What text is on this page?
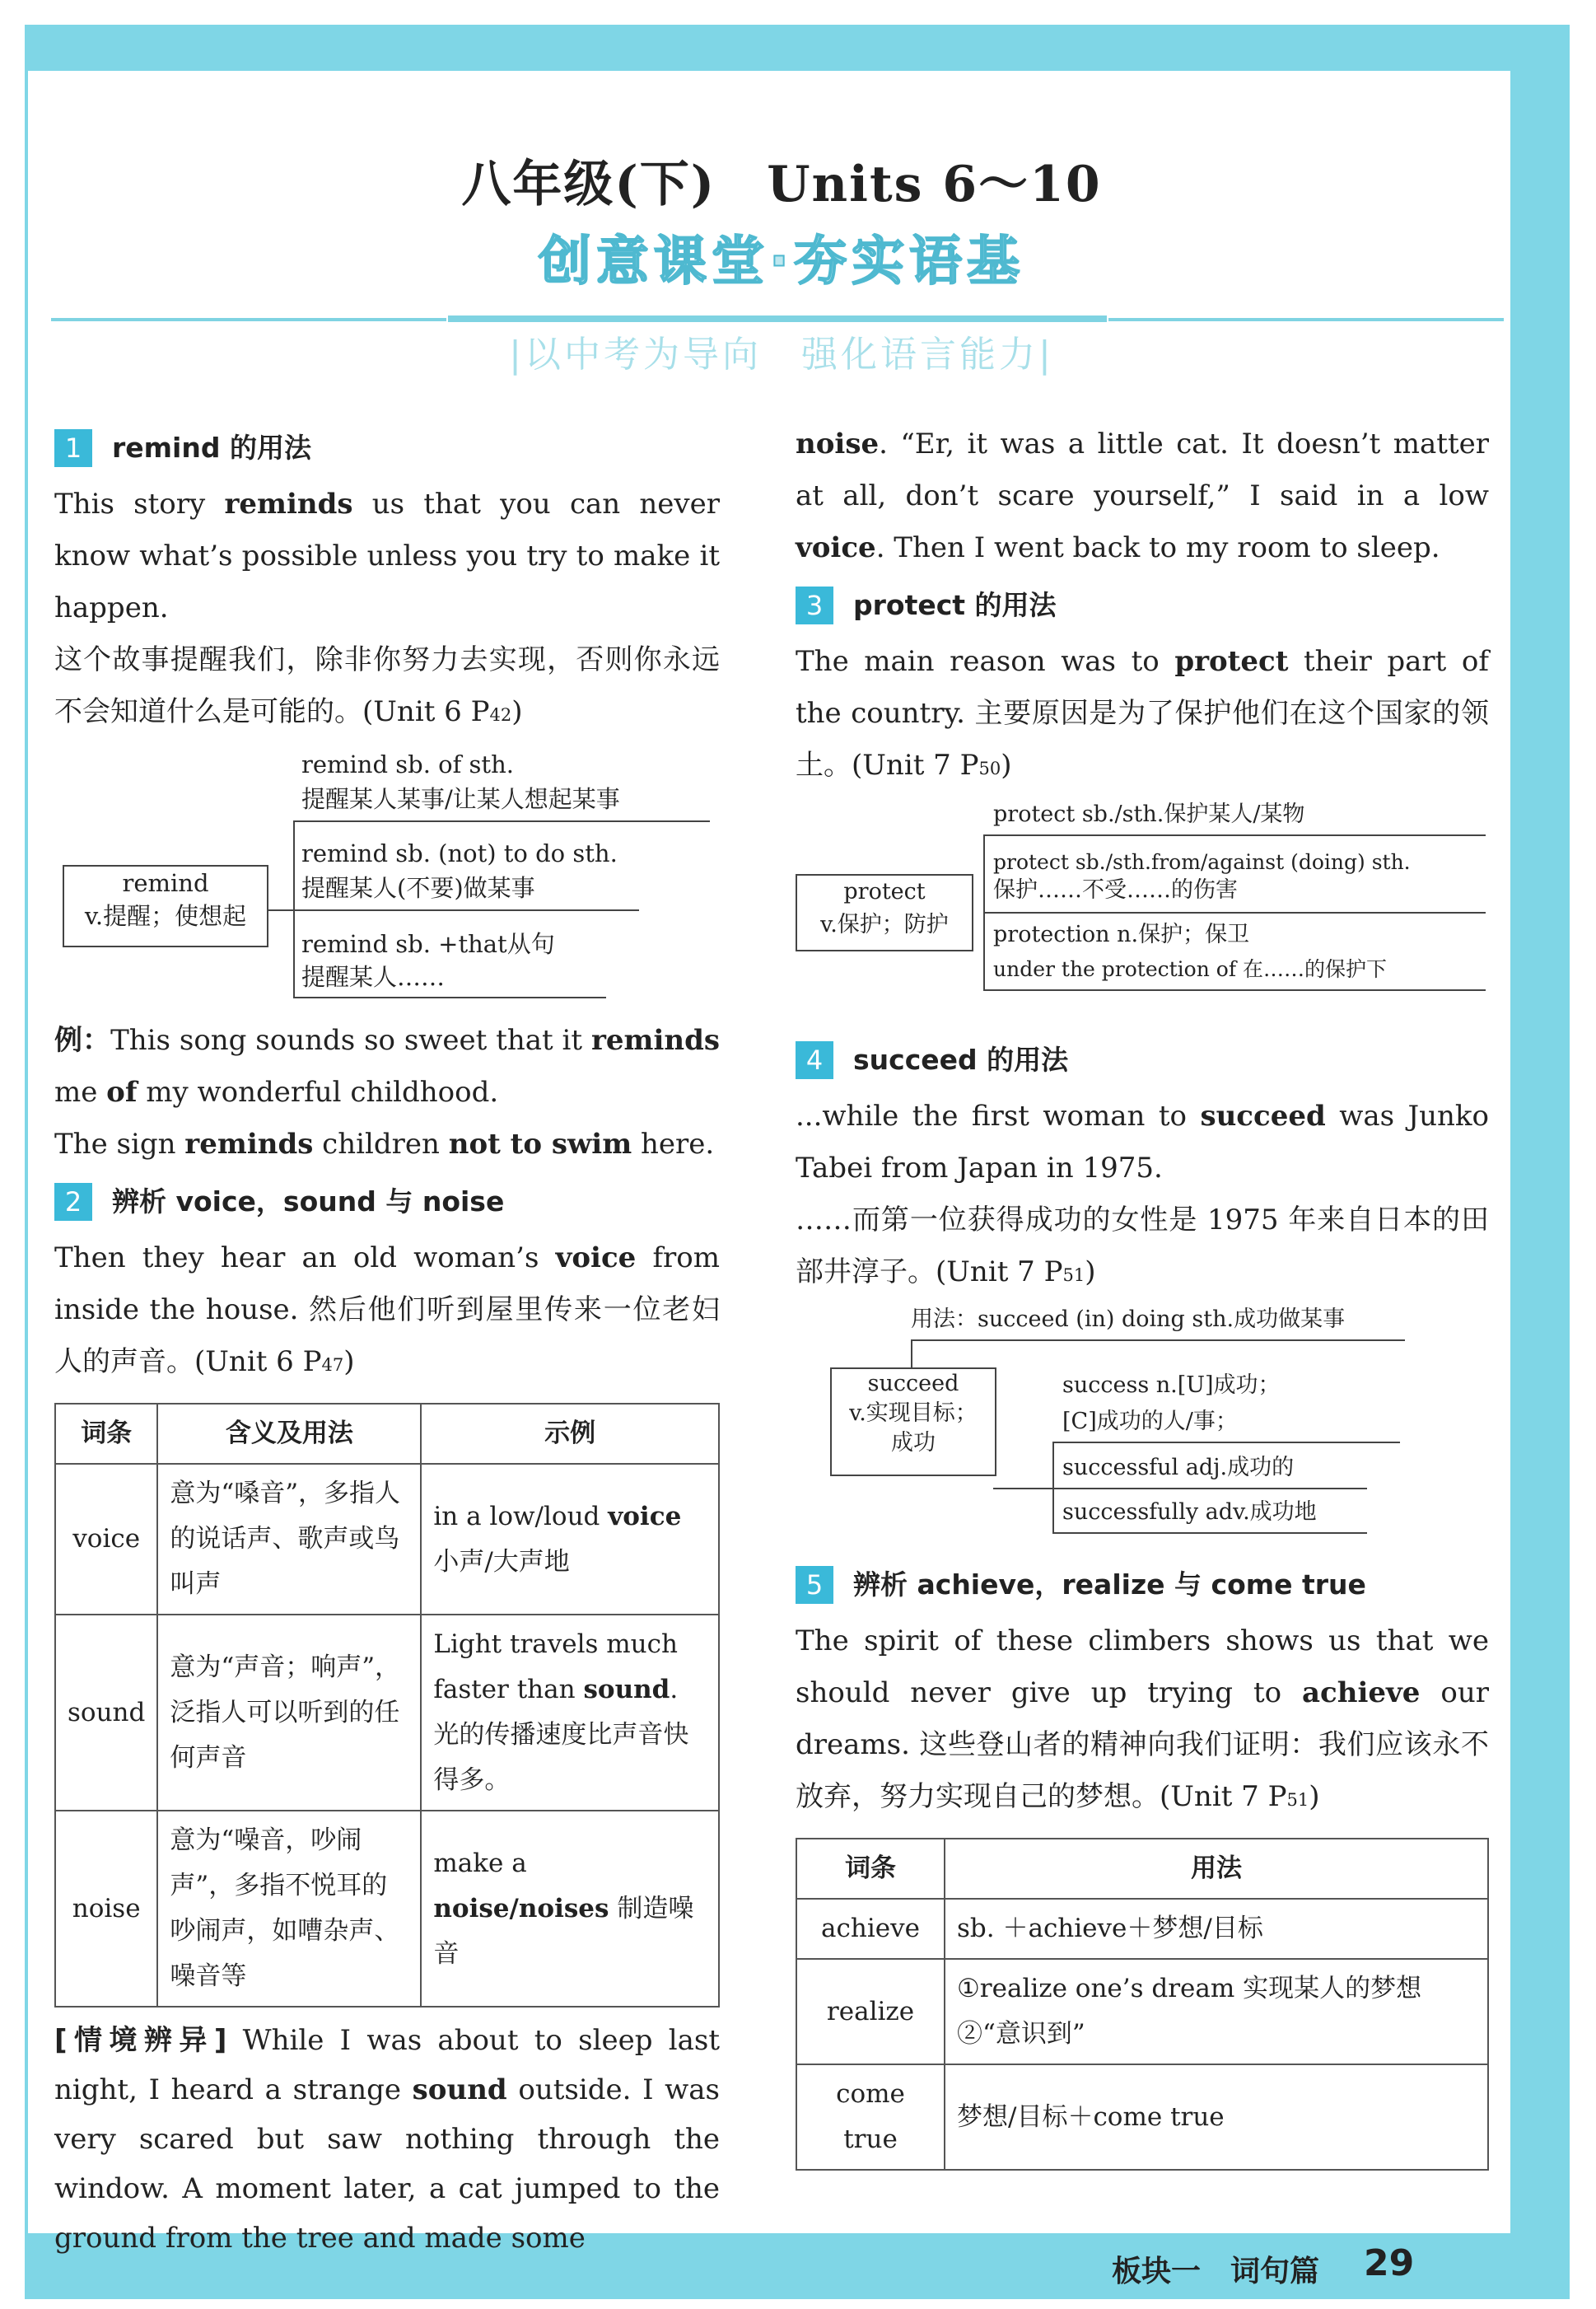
八年级(下)　Units 6～10
创意课堂·夯实语基
|以中考为导向　强化语言能力|
1	remind 的用法

This story reminds us that you can never know what’s possible unless you try to make it happen.

这个故事提醒我们，除非你努力去实现，否则你永远不会知道什么是可能的。(Unit 6 P42)

remind sb. of sth.
提醒某人某事/让某人想起某事
remind sb. (not) to do sth.
提醒某人(不要)做某事
remind sb. +that从句
提醒某人……
remind
v.提醒；使想起

例：This song sounds so sweet that it reminds me of my wonderful childhood.

The sign reminds children not to swim here.

2	辨析 voice，sound 与 noise

Then they hear an old woman’s voice from inside the house. 然后他们听到屋里传来一位老妇人的声音。(Unit 6 P47)

词条	含义及用法	示例
voice	意为“嗓音”，多指人的说话声、歌声或鸟叫声	in a low/loud voice 小声/大声地
sound	意为“声音；响声”，泛指人可以听到的任何声音	Light travels much faster than sound. 光的传播速度比声音快得多。
noise	意为“噪音，吵闹声”，多指不悦耳的吵闹声，如嘈杂声、噪音等	make a noise/noises 制造噪音

[情境辨异] While I was about to sleep last night, I heard a strange sound outside. I was very scared but saw nothing through the window. A moment later, a cat jumped to the ground from the tree and made some

noise. “Er, it was a little cat. It doesn’t matter at all, don’t scare yourself,” I said in a low voice. Then I went back to my room to sleep.

3	protect 的用法

The main reason was to protect their part of the country. 主要原因是为了保护他们在这个国家的领土。(Unit 7 P50)

protect sb./sth.保护某人/某物
protect sb./sth.from/against (doing) sth.
保护……不受……的伤害
protection n.保护；保卫
under the protection of 在……的保护下
protect
v.保护；防护
4	succeed 的用法

...while the first woman to succeed was Junko Tabei from Japan in 1975.

……而第一位获得成功的女性是 1975 年来自日本的田部井淳子。(Unit 7 P51)

用法：succeed (in) doing sth.成功做某事
succeed
v.实现目标；成功
success n.[U]成功；
[C]成功的人/事；
successful adj.成功的
successfully adv.成功地
5	辨析 achieve，realize 与 come true

The spirit of these climbers shows us that we should never give up trying to achieve our dreams. 这些登山者的精神向我们证明：我们应该永不放弃，努力实现自己的梦想。(Unit 7 P51)

词条	用法
achieve	sb. ＋achieve＋梦想/目标
realize	①realize one’s dream 实现某人的梦想
②“意识到”

come true	梦想/目标＋come true
板块一　词句篇 29
